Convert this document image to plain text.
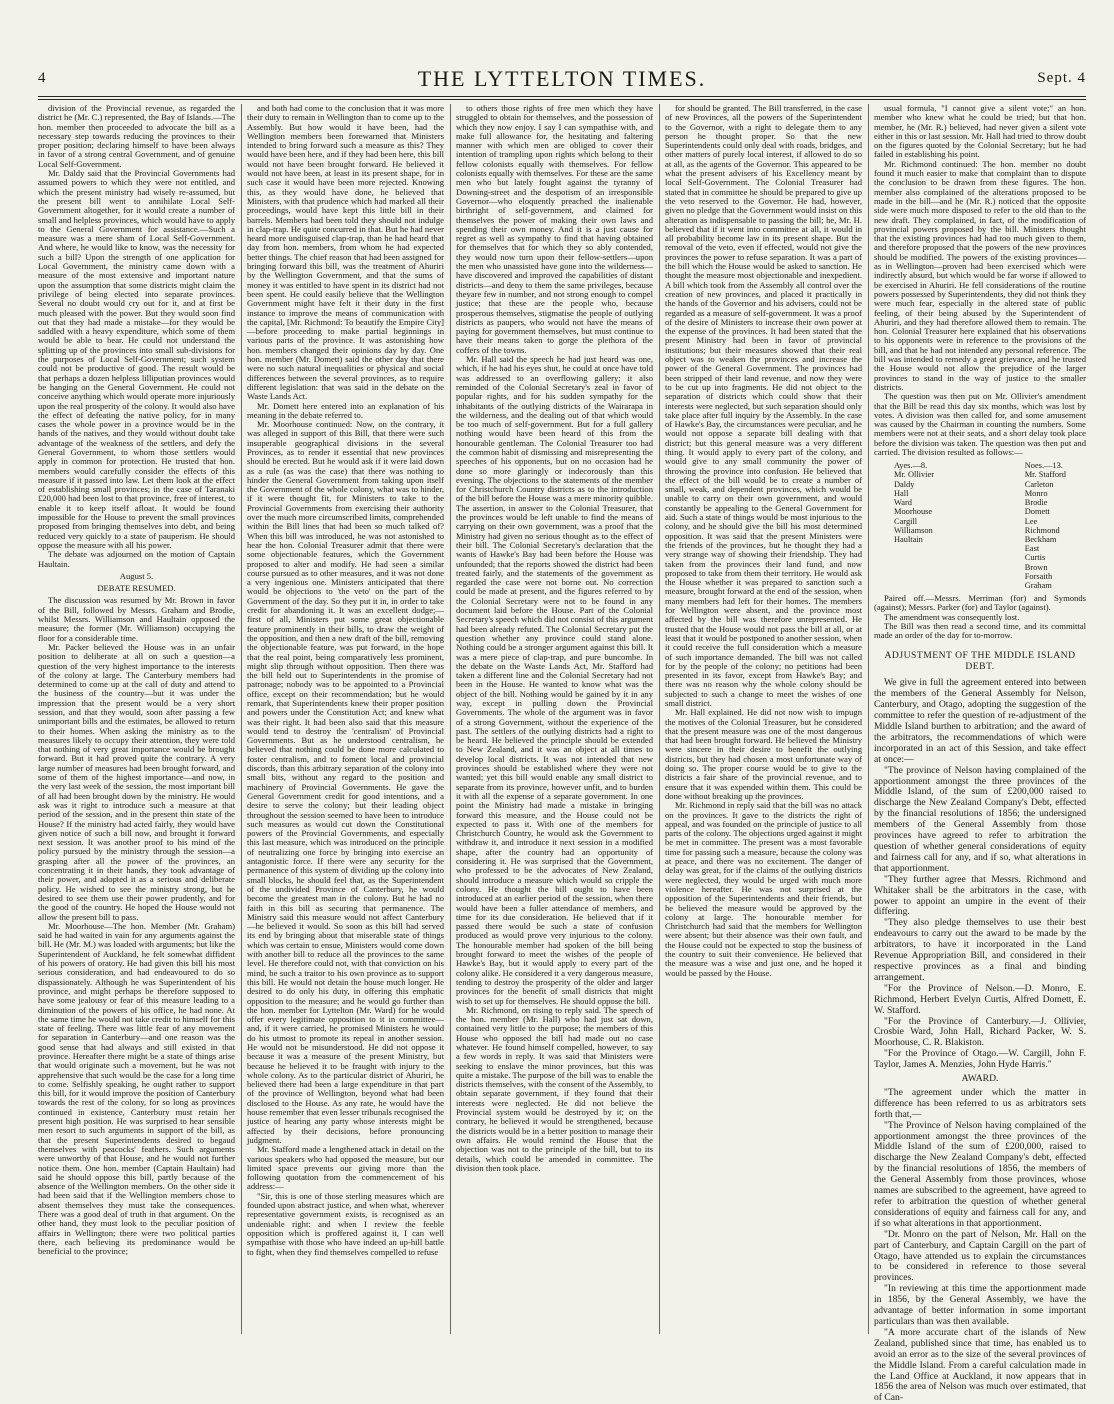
4	THE LYTTELTON TIMES.	Sept. 4

division of the Provincial revenue, as regarded the district he (Mr. C.) represented, the Bay of Islands.—The hon. member then proceeded to advocate the bill as a necessary step towards reducing the provinces to their proper position; declaring himself to have been always in favor of a strong central Government, and of genuine Local Self-Government.

Mr. Daldy said that the Provincial Governments had assumed powers to which they were not entitled, and which the present ministry had wisely re-assumed, but the present bill went to annihilate Local Self-Government altogether, for it would create a number of small and helpless provinces, which would have to apply to the General Government for assistance.—Such a measure was a mere sham of Local Self-Government. And where, he would like to know, was the necessity for such a bill? Upon the strength of one application for Local Government, the ministry came down with a measure of the most extensive and important nature upon the assumption that some districts might claim the privilege of being elected into separate provinces. Several no doubt would cry out for it, and at first be much pleased with the power. But they would soon find out that they had made a mistake—for they would be saddled with a heavy expenditure, which some of them would be able to bear. He could not understand the splitting up of the provinces into small sub-divisions for the purposes of Local Self-Government; such system could not be productive of good. The result would be that perhaps a dozen helpless lilliputian provinces would be hanging on the General Government. He could not conceive anything which would operate more injuriously upon the real prosperity of the colony. It would also have the effect of defeating the native policy, for in many cases the whole power in a province would be in the hands of the natives, and they would without doubt take advantage of the weakness of the settlers, and defy the General Government, to whom those settlers would apply in common for protection. He trusted that hon. members would carefully consider the effects of this measure if it passed into law. Let them look at the effect of establishing small provinces; in the case of Taranaki £20,000 had been lost to that province, free of interest, to enable it to keep itself afloat. It would be found impossible for the House to prevent the small provinces proposed from bringing themselves into debt, and being reduced very quickly to a state of pauperism. He should oppose the measure with all his power.

The debate was adjourned on the motion of Captain Haultain.

August 5.

DEBATE RESUMED.

The discussion was resumed by Mr. Brown in favor of the Bill, followed by Messrs. Graham and Brodie, whilst Messrs. Williamson and Haultain opposed the measure; the former (Mr. Williamson) occupying the floor for a considerable time.

Mr. Packer believed the House was in an unfair position to deliberate at all on such a question—a question of the very highest importance to the interests of the colony at large. The Canterbury members had determined to come up at the call of duty and attend to the business of the country—but it was under the impression that the present would be a very short session, and that they would, soon after passing a few unimportant bills and the estimates, be allowed to return to their homes. When asking the ministry as to the measures likely to occupy their attention, they were told that nothing of very great importance would be brought forward. But it had proved quite the contrary. A very large number of measures had been brought forward, and some of them of the highest importance—and now, in the very last week of the session, the most important bill of all had been brought down by the ministry. He would ask was it right to introduce such a measure at that period of the session, and in the present thin state of the House? If the ministry had acted fairly, they would have given notice of such a bill now, and brought it forward next session. It was another proof to his mind of the policy pursued by the ministry through the session—a grasping after all the power of the provinces, an concentrating it in their hands, they took advantage of their power, and adopted it as a serious and deliberate policy. He wished to see the ministry strong, but he desired to see them use their power prudently, and for the good of the country. He hoped the House would not allow the present bill to pass.

Mr. Moorhouse—The hon. Member (Mr. Graham) said he had waited in vain for any arguments against the bill. He (Mr. M.) was loaded with arguments; but like the Superintendent of Auckland, he felt somewhat diffident of his powers of oratory. He had given this bill his most serious consideration, and had endeavoured to do so dispassionately. Although he was Superintendent of his province, and might perhaps be therefore supposed to have some jealousy or fear of this measure leading to a diminution of the powers of his office, he had none. At the same time he would not take credit to himself for this state of feeling. There was little fear of any movement for separation in Canterbury—and one reason was the good sense that had always and still existed in that province. Hereafter there might be a state of things arise that would originate such a movement, but he was not apprehensive that such would be the case for a long time to come. Selfishly speaking, he ought rather to support this bill, for it would improve the position of Canterbury towards the rest of the colony, for so long as provinces continued in existence, Canterbury must retain her present high position. He was surprised to hear sensible men resort to such arguments in support of the bill, as that the present Superintendents desired to begaud themselves with peacocks' feathers. Such arguments were unworthy of that House, and he would not further notice them. One hon. member (Captain Haultain) had said he should oppose this bill, partly because of the absence of the Wellington members. On the other side it had been said that if the Wellington members chose to absent themselves they must take the consequences. There was a good deal of truth in that argument. On the other hand, they must look to the peculiar position of affairs in Wellington; there were two political parties there, each believing its predominance would be beneficial to the province;

and both had come to the conclusion that it was more their duty to remain in Wellington than to come up to the Assembly. But how would it have been, had the Wellington members been forewarned that Ministers intended to bring forward such a measure as this? They would have been here, and if they had been here, this bill would not have been brought forward. He believed it would not have been, at least in its present shape, for in such case it would have been more rejected. Knowing this, as they would have done, he believed that Ministers, with that prudence which had marked all their proceedings, would have kept this little bill in their barrels. Members had been told they should not indulge in clap-trap. He quite concurred in that. But he had never heard more undisguised clap-trap, than he had heard that day from hon. members, from whom he had expected better things. The chief reason that had been assigned for bringing forward this bill, was the treatment of Ahuriri by the Wellington Government, and that the sums of money it was entitled to have spent in its district had not been spent. He could easily believe that the Wellington Government might have felt it their duty in the first instance to improve the means of communication with the capital, [Mr. Richmond: To beautify the Empire City]—before proceeding to make partial beginnings in various parts of the province. It was astonishing how hon. members changed their opinions day by day. One hon. member (Mr. Domett) said the other day that there were no such natural inequalities or physical and social differences between the several provinces, as to require different legislation: that was said in the debate on the Waste Lands Act.

Mr. Domett here entered into an explanation of his meaning in the debate referred to.

Mr. Moorhouse continued: Now, on the contrary, it was alleged in support of this Bill, that there were such insuperable geographical divisions in the several Provinces, as to render it essential that new provinces should be erected. But he would ask if it were laid down as a rule (as was the case) that there was nothing to hinder the General Government from taking upon itself the Government of the whole colony, what was to hinder, if it were thought fit, for Ministers to take to the Provincial Governments from exercising their authority over the much more circumscribed limits, comprehended within the Bill lines that had been so much talked of? When this bill was introduced, he was not astonished to hear the hon. Colonial Treasurer admit that there were some objectionable features, which the Government proposed to alter and modify. He had seen a similar course pursued as to other measures, and it was not done a very ingenious one. Ministers anticipated that there would be objections to 'the veto' on the part of the Government of the day. So they put it in, in order to take credit for abandoning it. It was an excellent dodge;—first of all, Ministers put some great objectionable feature prominently in their bills, to draw the weight of the opposition, and then a new draft of the bill, removing the objectionable feature, was put forward, in the hope that the real point, being comparatively less prominent, might slip through without opposition. Then there was the bill held out to Superintendents in the promise of patronage; nobody was to be appointed to a Provincial office, except on their recommendation; but he would remark, that Superintendents knew their proper position and powers under the Constitution Act; and knew what was their right. It had been also said that this measure would tend to destroy the 'centralism' of Provincial Governments. But as he understood centralism, he believed that nothing could be done more calculated to foster centralism, and to foment local and provincial discords, than this arbitrary separation of the colony into small bits, without any regard to the position and machinery of Provincial Governments. He gave the General Government credit for good intentions, and a desire to serve the colony; but their leading object throughout the session seemed to have been to introduce such measures as would cut down the Constitutional powers of the Provincial Governments, and especially this last measure, which was introduced on the principle of neutralizing one force by bringing into exercise an antagonistic force. If there were any security for the permanence of this system of dividing up the colony into small blocks, he should feel that, as the Superintendent of the undivided Province of Canterbury, he would become the greatest man in the colony. But he had no faith in this bill as securing that permanence. The Ministry said this measure would not affect Canterbury—he believed it would. So soon as this bill had served its end by bringing about that miserable state of things which was certain to ensue, Ministers would come down with another bill to reduce all the provinces to the same level. He therefore could not, with that conviction on his mind, be such a traitor to his own province as to support this bill. He would not detain the house much longer. He desired to do only his duty, in offering this emphatic opposition to the measure; and he would go further than the hon. member for Lyttelton (Mr. Ward) for he would offer every legitimate opposition to it in committee—and, if it were carried, he promised Ministers he would do his utmost to promote its repeal in another session. He would not be misunderstood. He did not oppose it because it was a measure of the present Ministry, but because he believed it to be fraught with injury to the whole colony. As to the particular district of Ahuriri, he believed there had been a large expenditure in that part of the province of Wellington, beyond what had been disclosed to the House. As any rate, he would have the house remember that even lesser tribunals recognised the justice of hearing any party whose interests might be affected by their decisions, before pronouncing judgment.

Mr. Stafford made a lengthened attack in detail on the various speakers who had opposed the measure, but our limited space prevents our giving more than the following quotation from the commencement of his address:—

"Sir, this is one of those sterling measures which are founded upon abstract justice, and when what, wherever representative government exists, is recognised as an undeniable right: and when I review the feeble opposition which is proffered against it, I can well sympathise with those who have indeed an up-hill battle to fight, when they find themselves compelled to refuse

to others those rights of free men which they have struggled to obtain for themselves, and the possession of which they now enjoy. I say I can sympathise with, and make full allowance for, the hesitating and faltering manner with which men are obliged to cover their intention of trampling upon rights which belong to their fellow colonists equally with themselves. For fellow colonists equally with themselves. For these are the same men who but lately fought against the tyranny of Downing-street and the despotism of an irresponsible Governor—who eloquently preached the inalienable birthright of self-government, and claimed for themselves the power of making their own laws and spending their own money. And it is a just cause for regret as well as sympathy to find that having obtained for themselves that for which they so ably contended, they would now turn upon their fellow-settlers—upon the men who unassisted have gone into the wilderness—have discovered and improved the capabilities of distant districts—and deny to them the same privileges, because theyare few in number, and not strong enough to compel justice; that these are the people who, because prosperous themselves, stigmatise the people of outlying districts as paupers, who would not have the means of paying for government themselves, but must continue to have their means taken to gorge the plethora of the coffers of the towns.

Mr. Hall said the speech he had just heard was one, which, if he had his eyes shut, he could at once have told was addressed to an overflowing gallery; it also reminded of the Colonial Secretary's zeal in favor of popular rights, and for his sudden sympathy for the inhabitants of the outlying districts of the Wairarapa in the wilderness, and the dealing out of that which would be too much of self-government. But for a full gallery nothing would have been heard of this from the honourable gentleman. The Colonial Treasurer too had the common habit of dismissing and misrepresenting the speeches of his opponents, but on no occasion had he done so more glaringly or indecorously than this evening. The objections to the statements of the member for Christchurch Country districts as to the introduction of the bill before the House was a mere minority quibble. The assertion, in answer to the Colonial Treasurer, that the provinces would be left unable to find the means of carrying on their own government, was a proof that the Ministry had given no serious thought as to the effect of their bill. The Colonial Secretary's declaration that the wants of Hawke's Bay had been before the House was unfounded; that the reports showed the district had been treated fairly, and the statements of the government as regarded the case were not borne out. No correction could be made at present, and the figures referred to by the Colonial Secretary were not to be found in any document laid before the House. Part of the Colonial Secretary's speech which did not consist of this argument had been already refuted. The Colonial Secretary put the question whether any province could stand alone. Nothing could be a stronger argument against this bill. It was a mere piece of clap-trap, and pure buncombe. In the debate on the Waste Lands Act, Mr. Stafford had taken a different line and the Colonial Secretary had not been in the House. He wanted to know what was the object of the bill. Nothing would be gained by it in any way, except in pulling down the Provincial Governments. The whole of the argument was in favor of a strong Government, without the experience of the past. The settlers of the outlying districts had a right to be heard. He believed the principle should be extended to New Zealand, and it was an object at all times to develop local districts. It was not intended that new provinces should be established where they were not wanted; yet this bill would enable any small district to separate from its province, however unfit, and to burden it with all the expense of a separate government. In one point the Ministry had made a mistake in bringing forward this measure, and the House could not be expected to pass it. With one of the members for Christchurch Country, he would ask the Government to withdraw it, and introduce it next session in a modified shape, after the country had an opportunity of considering it. He was surprised that the Government, who professed to be the advocates of New Zealand, should introduce a measure which would so cripple the colony. He thought the bill ought to have been introduced at an earlier period of the session, when there would have been a fuller attendance of members, and time for its due consideration. He believed that if it passed there would be such a state of confusion produced as would prove very injurious to the colony. The honourable member had spoken of the bill being brought forward to meet the wishes of the people of Hawke's Bay, but it would apply to every part of the colony alike. He considered it a very dangerous measure, tending to destroy the prosperity of the older and larger provinces for the benefit of small districts that might wish to set up for themselves. He should oppose the bill.

Mr. Richmond, on rising to reply said. The speech of the hon. member (Mr. Hall) who had just sat down, contained very little to the purpose; the members of this House who opposed the bill had made out no case whatever. He found himself compelled, however, to say a few words in reply. It was said that Ministers were seeking to enslave the minor provinces, but this was quite a mistake. The purpose of the bill was to enable the districts themselves, with the consent of the Assembly, to obtain separate government, if they found that their interests were neglected. He did not believe the Provincial system would be destroyed by it; on the contrary, he believed it would be strengthened, because the districts would be in a better position to manage their own affairs. He would remind the House that the objection was not to the principle of the bill, but to its details, which could be amended in committee. The division then took place.

for should be granted. The Bill transferred, in the case of new Provinces, all the powers of the Superintendent to the Governor, with a right to delegate them to any person he thought proper. So that the new Superintendents could only deal with roads, bridges, and other matters of purely local interest, if allowed to do so at all, as the agents of the Governor. This appeared to be what the present advisers of his Excellency meant by local Self-Government. The Colonial Treasurer had stated that in committee he should be prepared to give up the veto reserved to the Governor. He had, however, given no pledge that the Government would insist on this alteration as indispensable to passing the bill; he, Mr. H. believed that if it went into committee at all, it would in all probability become law in its present shape. But the removal of the veto, even if effected, would not give the provinces the power to refuse separation. It was a part of the bill which the House would be asked to sanction. He thought the measure most objectionable and inexpedient. A bill which took from the Assembly all control over the creation of new provinces, and placed it practically in the hands of the Governor and his advisers, could not be regarded as a measure of self-government. It was a proof of the desire of Ministers to increase their own power at the expense of the provinces. It had been stated that the present Ministry had been in favor of provincial institutions; but their measures showed that their real object was to weaken the provinces and increase the power of the General Government. The provinces had been stripped of their land revenue, and now they were to be cut up into fragments. He did not object to the separation of districts which could show that their interests were neglected, but such separation should only take place after full inquiry by the Assembly. In the case of Hawke's Bay, the circumstances were peculiar, and he would not oppose a separate bill dealing with that district; but this general measure was a very different thing. It would apply to every part of the colony, and would give to any small community the power of throwing the province into confusion. He believed that the effect of the bill would be to create a number of small, weak, and dependent provinces, which would be unable to carry on their own government, and would constantly be appealing to the General Government for aid. Such a state of things would be most injurious to the colony, and he should give the bill his most determined opposition. It was said that the present Ministers were the friends of the provinces, but he thought they had a very strange way of showing their friendship. They had taken from the provinces their land fund, and now proposed to take from them their territory. He would ask the House whether it was prepared to sanction such a measure, brought forward at the end of the session, when many members had left for their homes. The members for Wellington were absent, and the province most affected by the bill was therefore unrepresented. He trusted that the House would not pass the bill at all, or at least that it would be postponed to another session, when it could receive the full consideration which a measure of such importance demanded. The bill was not called for by the people of the colony; no petitions had been presented in its favor, except from Hawke's Bay; and there was no reason why the whole colony should be subjected to such a change to meet the wishes of one small district.

Mr. Hall explained. He did not now wish to impugn the motives of the Colonial Treasurer, but he considered that the present measure was one of the most dangerous that had been brought forward. He believed the Ministry were sincere in their desire to benefit the outlying districts, but they had chosen a most unfortunate way of doing so. The proper course would be to give to the districts a fair share of the provincial revenue, and to ensure that it was expended within them. This could be done without breaking up the provinces.

Mr. Richmond in reply said that the bill was no attack on the provinces. It gave to the districts the right of appeal, and was founded on the principle of justice to all parts of the colony. The objections urged against it might be met in committee. The present was a most favorable time for passing such a measure, because the colony was at peace, and there was no excitement. The danger of delay was great, for if the claims of the outlying districts were neglected, they would be urged with much more violence hereafter. He was not surprised at the opposition of the Superintendents and their friends, but he believed the measure would be approved by the colony at large. The honourable member for Christchurch had said that the members for Wellington were absent; but their absence was their own fault, and the House could not be expected to stop the business of the country to suit their convenience. He believed that the measure was a wise and just one, and he hoped it would be passed by the House.

usual formula, "I cannot give a silent vote;" an hon. member who knew what he could be tried; but that hon. member, he (Mr. R.) believed, had never given a silent vote either in this or last session. Mr. Hall had tried to throw doubt on the figures quoted by the Colonial Secretary; but he had failed in establishing his point.

Mr. Richmond continued: The hon. member no doubt found it much easier to make that complaint than to dispute the conclusion to be drawn from these figures. The hon. member also complained of the alterations proposed to be made in the bill—and he (Mr. R.) noticed that the opposite side were much more disposed to refer to the old than to the new draft. They complained, in fact, of the modification of provincial powers proposed by the bill. Ministers thought that the existing provinces had had too much given to them, and therefore proposed that the powers of the new provinces should be modified. The powers of the existing provinces—as in Wellington—proven had been exercised which were indirectly absurd, but which would be far worse if allowed to be exercised in Ahuriri. He fell considerations of the routine powers possessed by Superintendents, they did not think they were much fear, especially in the altered state of public feeling, of their being abused by the Superintendent of Ahuriri, and they had therefore allowed them to remain. The hon. Colonial Treasurer here explained that his observations to his opponents were in reference to the provisions of the bill, and that he had not intended any personal reference. The bill was intended to remedy a great grievance, and he trusted the House would not allow the prejudice of the larger provinces to stand in the way of justice to the smaller districts.

The question was then put on Mr. Ollivier's amendment that the Bill be read this day six months, which was lost by votes. A division was then called for, and some amusement was caused by the Chairman in counting the numbers. Some members were not at their seats, and a short delay took place before the division was taken. The question was then put and carried. The division resulted as follows:—

Ayes.—8.
Mr. Ollivier
Daldy
Hall
Ward
Moorhouse
Cargill
Williamson
Haultain
Noes.—13.
Mr. Stafford
Carleton
Monro
Brodie
Domett
Lee
Richmond
Beckham
East
Curtis
Brown
Forsaith
Graham

Paired off.—Messrs. Merriman (for) and Symonds (against); Messrs. Parker (for) and Taylor (against).

The amendment was consequently lost.

The Bill was then read a second time, and its committal made an order of the day for to-morrow.

ADJUSTMENT OF THE MIDDLE ISLAND DEBT.

We give in full the agreement entered into between the members of the General Assembly for Nelson, Canterbury, and Otago, adopting the suggestion of the committee to refer the question of re-adjustment of the Middle Island burthen to arbitration; and the award of the arbitrators, the recommendations of which were incorporated in an act of this Session, and take effect at once:—

"The province of Nelson having complained of the apportionment amongst the three provinces of the Middle Island, of the sum of £200,000 raised to discharge the New Zealand Company's Debt, effected by the financial resolutions of 1856; the undersigned members of the General Assembly from those provinces have agreed to refer to arbitration the question of whether general considerations of equity and fairness call for any, and if so, what alterations in that apportionment.

"They further agree that Messrs. Richmond and Whitaker shall be the arbitrators in the case, with power to appoint an umpire in the event of their differing.

"They also pledge themselves to use their best endeavours to carry out the award to be made by the arbitrators, to have it incorporated in the Land Revenue Appropriation Bill, and considered in their respective provinces as a final and binding arrangement.

"For the Province of Nelson.—D. Monro, E. Richmond, Herbert Evelyn Curtis, Alfred Domett, E. W. Stafford.

"For the Province of Canterbury.—J. Ollivier, Crosbie Ward, John Hall, Richard Packer, W. S. Moorhouse, C. R. Blakiston.

"For the Province of Otago.—W. Cargill, John F. Taylor, James A. Menzies, John Hyde Harris."

AWARD.

"The agreement under which the matter in difference has been referred to us as arbitrators sets forth that,—

"The Province of Nelson having complained of the apportionment amongst the three provinces of the Middle Island of the sum of £200,000, raised to discharge the New Zealand Company's debt, effected by the financial resolutions of 1856, the members of the General Assembly from those provinces, whose names are subscribed to the agreement, have agreed to refer to arbitration the question of whether general considerations of equity and fairness call for any, and if so what alterations in that apportionment.

"Dr. Monro on the part of Nelson, Mr. Hall on the part of Canterbury, and Captain Cargill on the part of Otago, have attended us to explain the circumstances to be considered in reference to those several provinces.

"In reviewing at this time the apportionment made in 1856, by the General Assembly, we have the advantage of better information in some important particulars than was then available.

"A more accurate chart of the islands of New Zealand, published since that time, has enabled us to avoid an error as to the size of the several provinces of the Middle Island. From a careful calculation made in the Land Office at Auckland, it now appears that in 1856 the area of Nelson was much over estimated, that of Can-
